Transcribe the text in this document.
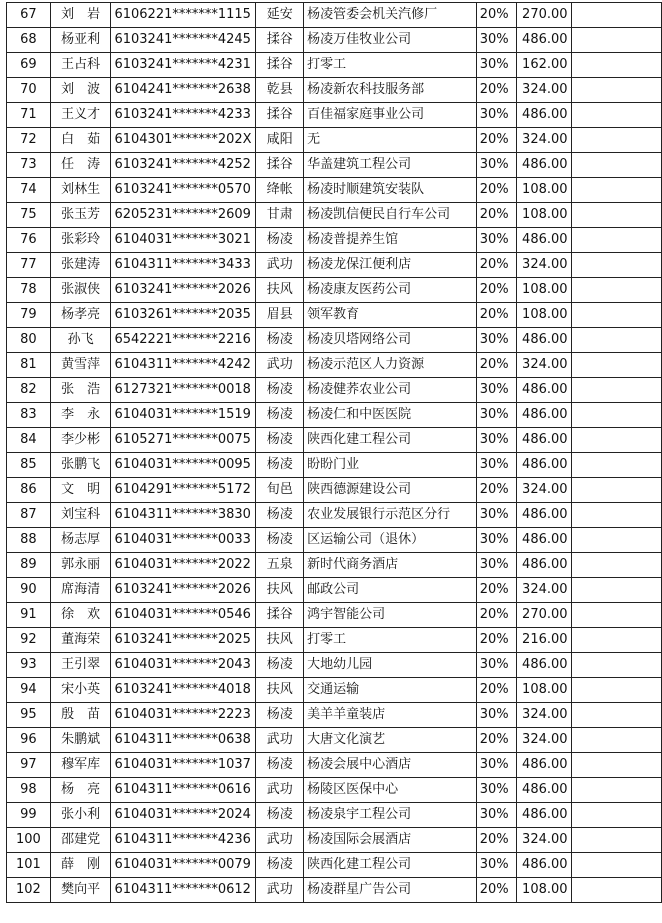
67	刘　岩	6106221*******1115	延安	杨凌管委会机关汽修厂	20%	270.00	
68	杨亚利	6103241*******4245	揉谷	杨凌万佳牧业公司	30%	486.00	
69	王占科	6103241*******4231	揉谷	打零工	30%	162.00	
70	刘　波	6104241*******2638	乾县	杨凌新农科技服务部	20%	324.00	
71	王义才	6103241*******4233	揉谷	百佳福家庭事业公司	30%	486.00	
72	白　茹	6104301*******202X	咸阳	无	20%	324.00	
73	任　涛	6103241*******4252	揉谷	华盖建筑工程公司	30%	486.00	
74	刘林生	6103241*******0570	绛帐	杨凌时顺建筑安装队	20%	108.00	
75	张玉芳	6205231*******2609	甘肃	杨凌凯信便民自行车公司	20%	108.00	
76	张彩玲	6104031*******3021	杨凌	杨凌普提养生馆	30%	486.00	
77	张建涛	6104311*******3433	武功	杨凌龙保江便利店	20%	324.00	
78	张淑侠	6103241*******2026	扶风	杨凌康友医药公司	20%	108.00	
79	杨孝亮	6103261*******2035	眉县	领军教育	20%	108.00	
80	孙飞	6542221*******2216	杨凌	杨凌贝塔网络公司	30%	486.00	
81	黄雪萍	6104311*******4242	武功	杨凌示范区人力资源	20%	324.00	
82	张　浩	6127321*******0018	杨凌	杨凌健荞农业公司	30%	486.00	
83	李　永	6104031*******1519	杨凌	杨凌仁和中医医院	30%	486.00	
84	李少彬	6105271*******0075	杨凌	陕西化建工程公司	30%	486.00	
85	张鹏飞	6104031*******0095	杨凌	盼盼门业	30%	486.00	
86	文　明	6104291*******5172	旬邑	陕西德源建设公司	20%	324.00	
87	刘宝科	6104311*******3830	杨凌	农业发展银行示范区分行	30%	486.00	
88	杨志厚	6104031*******0033	杨凌	区运输公司（退休）	30%	486.00	
89	郭永丽	6104031*******2022	五泉	新时代商务酒店	30%	486.00	
90	席海清	6103241*******2026	扶风	邮政公司	20%	324.00	
91	徐　欢	6104031*******0546	揉谷	鸿宇智能公司	20%	270.00	
92	董海荣	6103241*******2025	扶风	打零工	20%	216.00	
93	王引翠	6104031*******2043	杨凌	大地幼儿园	30%	486.00	
94	宋小英	6103241*******4018	扶风	交通运输	20%	108.00	
95	殷　苗	6104031*******2223	杨凌	美羊羊童装店	30%	324.00	
96	朱鹏斌	6104311*******0638	武功	大唐文化演艺	20%	324.00	
97	穆军库	6104031*******1037	杨凌	杨凌会展中心酒店	30%	486.00	
98	杨　亮	6104311*******0616	武功	杨陵区医保中心	30%	486.00	
99	张小利	6104031*******2024	杨凌	杨凌泉宇工程公司	30%	486.00	
100	邵建党	6104311*******4236	武功	杨凌国际会展酒店	20%	324.00	
101	薛　刚	6104031*******0079	杨凌	陕西化建工程公司	30%	486.00	
102	樊向平	6104311*******0612	武功	杨凌群星广告公司	20%	108.00	
